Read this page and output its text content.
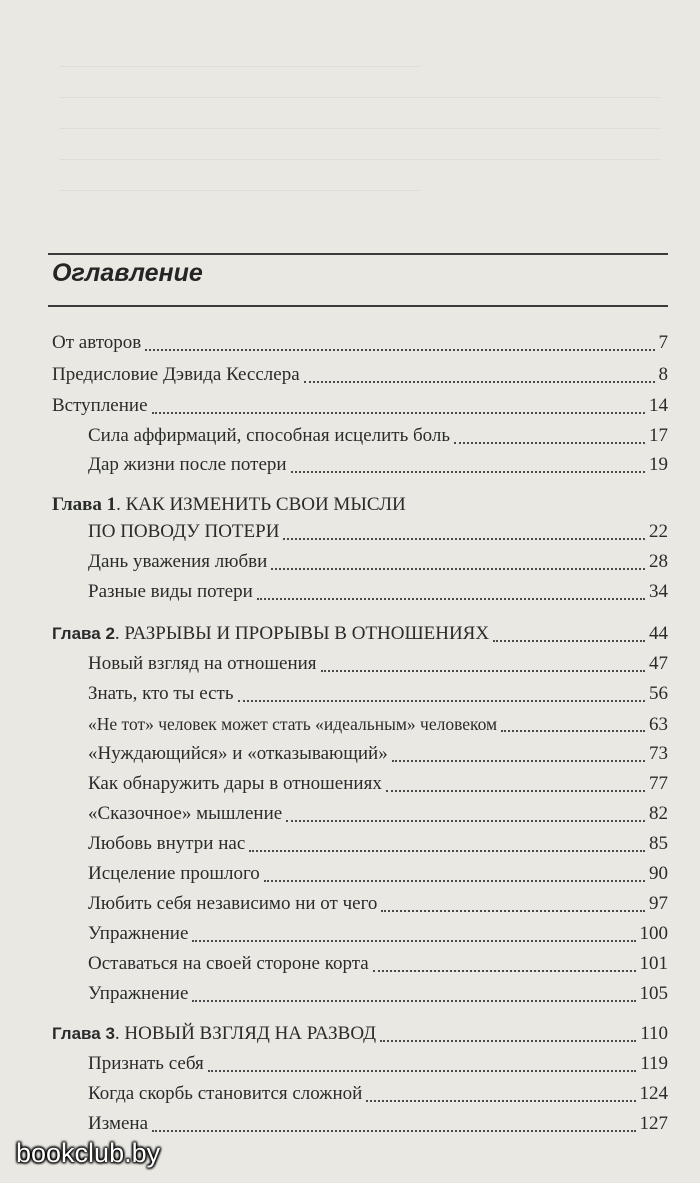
Оглавление
От авторов	7
Предисловие Дэвида Кесслера	8
Вступление	14
Сила аффирмаций, способная исцелить боль	17
Дар жизни после потери	19
Глава 1. КАК ИЗМЕНИТЬ СВОИ МЫСЛИ
ПО ПОВОДУ ПОТЕРИ	22
Дань уважения любви	28
Разные виды потери	34
Глава 2. РАЗРЫВЫ И ПРОРЫВЫ В ОТНОШЕНИЯХ	44
Новый взгляд на отношения	47
Знать, кто ты есть	56
«Не тот» человек может стать «идеальным» человеком	63
«Нуждающийся» и «отказывающий»	73
Как обнаружить дары в отношениях	77
«Сказочное» мышление	82
Любовь внутри нас	85
Исцеление прошлого	90
Любить себя независимо ни от чего	97
Упражнение	100
Оставаться на своей стороне корта	101
Упражнение	105
Глава 3. НОВЫЙ ВЗГЛЯД НА РАЗВОД	110
Признать себя	119
Когда скорбь становится сложной	124
Измена	127
bookclub.by
